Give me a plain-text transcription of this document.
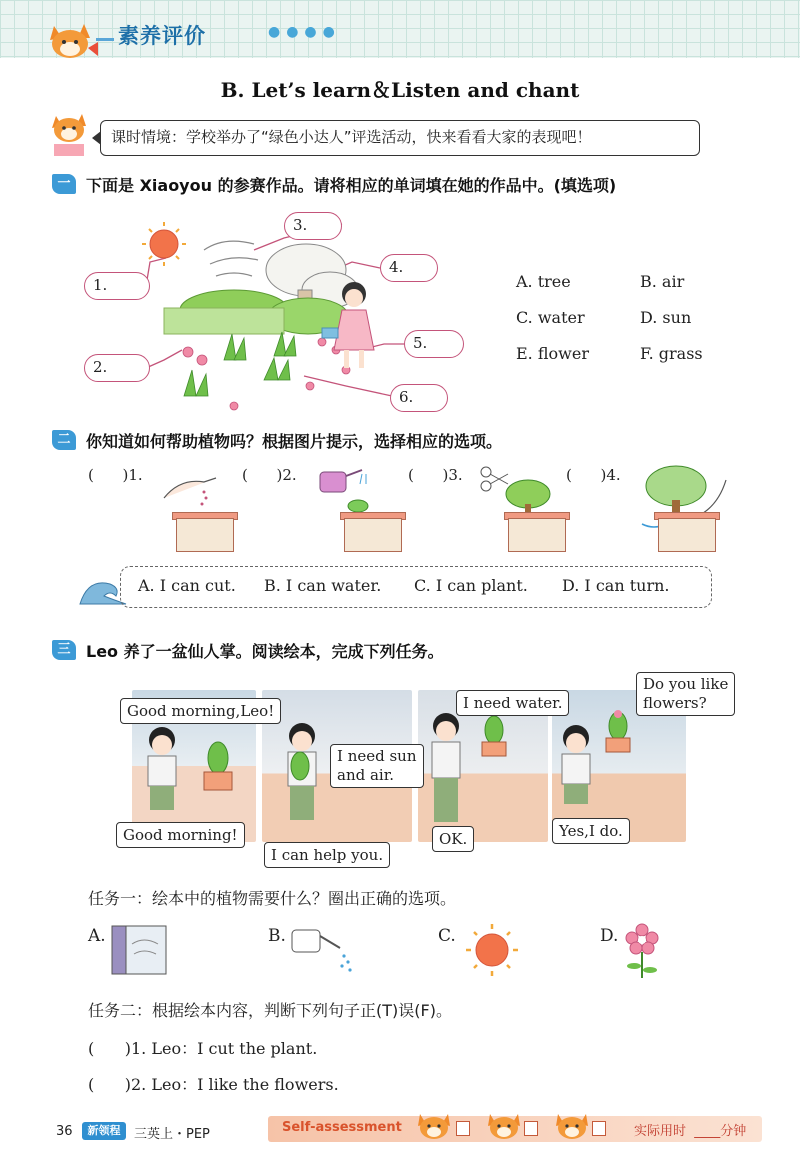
素养评价	●●●●
B. Let’s learn＆Listen and chant
课时情境：学校举办了“绿色小达人”评选活动，快来看看大家的表现吧！
一 下面是 Xiaoyou 的参赛作品。请将相应的单词填在她的作品中。(填选项)
3.
4.
1.
5.
2.
6.
A. tree	B. air
C. water	D. sun
E. flower	F. grass
二 你知道如何帮助植物吗？根据图片提示，选择相应的选项。
(      )1.	(      )2.	(      )3.	(      )4.
A. I can cut. B. I can water. C. I can plant. D. I can turn.
三 Leo 养了一盆仙人掌。阅读绘本，完成下列任务。
Good morning,Leo!
Good morning!
I need sun
and air.
I can help you.
I need water.
OK.
Do you like
flowers?
Yes,I do.
任务一：绘本中的植物需要什么？圈出正确的选项。
A.	B.	C.	D.
任务二：根据绘本内容，判断下列句子正(T)误(F)。
(      )1. Leo：I cut the plant.
(      )2. Leo：I like the flowers.
36	新领程	三英上・PEP	Self-assessment	实际用时  ____分钟
